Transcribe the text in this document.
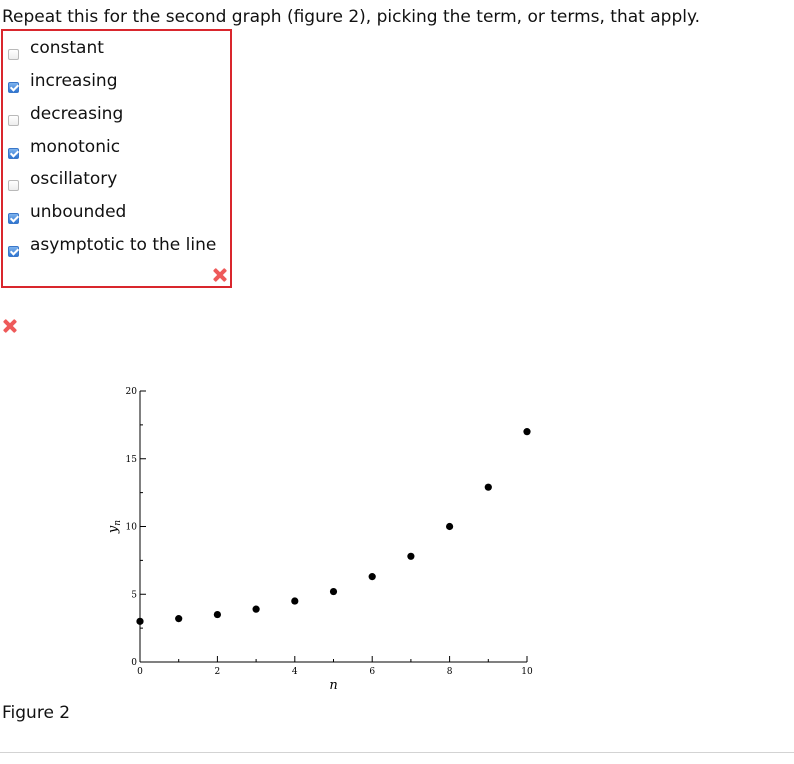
Repeat this for the second graph (figure 2), picking the term, or terms, that apply.

constant
increasing
decreasing
monotonic
oscillatory
unbounded
asymptotic to the line
0	2	4	6	8	10
0
5
10
15
20
n
$y_n$
Figure 2
